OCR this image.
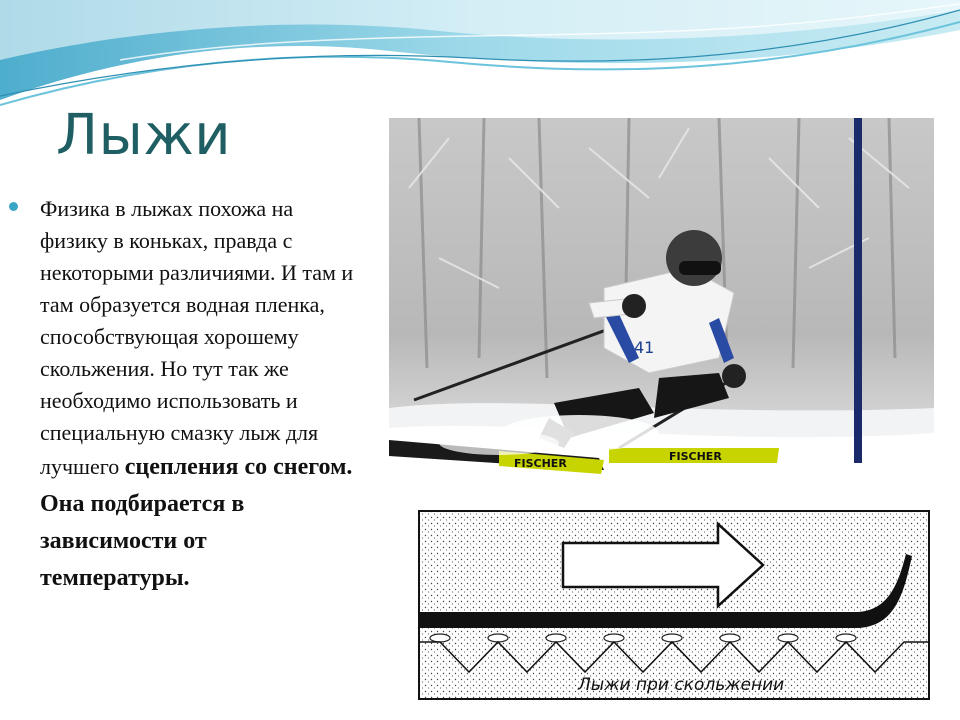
Лыжи
Физика в лыжах похожа на физику в коньках, правда с некоторыми различиями. И там и там образуется водная пленка, способствующая хорошему скольжения. Но тут так же необходимо использовать и специальную смазку лыж для лучшего сцепления со снегом. Она подбирается в зависимости от температуры.
41
FISCHER
FISCHER
Лыжи при скольжении
